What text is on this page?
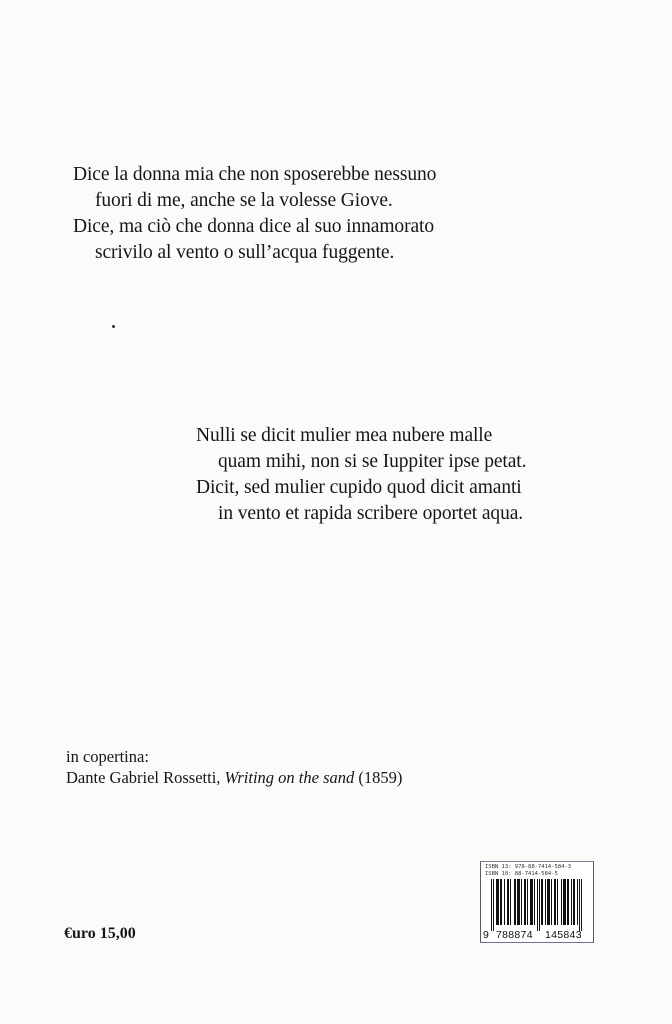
Dice la donna mia che non sposerebbe nessuno
fuori di me, anche se la volesse Giove.
Dice, ma ciò che donna dice al suo innamorato
scrivilo al vento o sull’acqua fuggente.
Nulli se dicit mulier mea nubere malle
quam mihi, non si se Iuppiter ipse petat.
Dicit, sed mulier cupido quod dicit amanti
in vento et rapida scribere oportet aqua.
in copertina:
Dante Gabriel Rossetti, Writing on the sand (1859)
€uro 15,00
ISBN 13: 978-88-7414-584-3
ISBN 10: 88-7414-584-5
9 788874 145843
